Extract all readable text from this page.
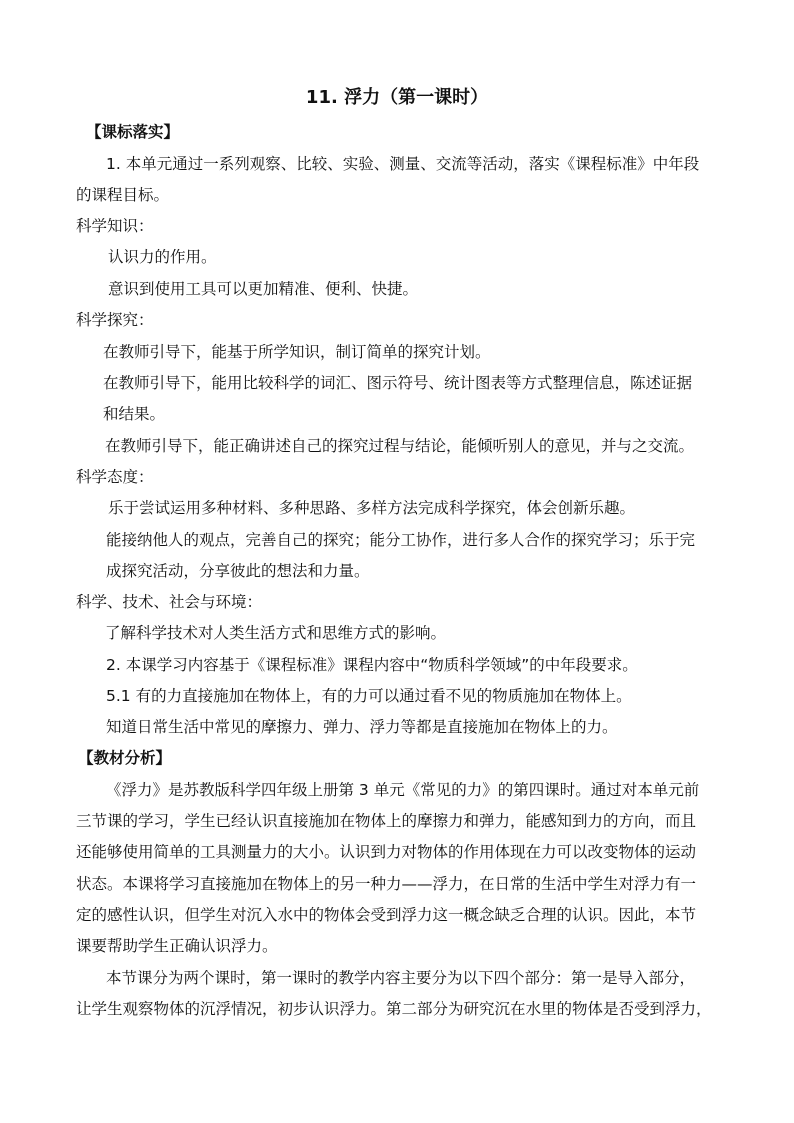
11. 浮力（第一课时）
【课标落实】
1. 本单元通过一系列观察、比较、实验、测量、交流等活动，落实《课程标准》中年段
的课程目标。
科学知识：
认识力的作用。
意识到使用工具可以更加精准、便利、快捷。
科学探究：
在教师引导下，能基于所学知识，制订简单的探究计划。
在教师引导下，能用比较科学的词汇、图示符号、统计图表等方式整理信息，陈述证据
和结果。
在教师引导下，能正确讲述自己的探究过程与结论，能倾听别人的意见，并与之交流。
科学态度：
乐于尝试运用多种材料、多种思路、多样方法完成科学探究，体会创新乐趣。
能接纳他人的观点，完善自己的探究；能分工协作，进行多人合作的探究学习；乐于完
成探究活动，分享彼此的想法和力量。
科学、技术、社会与环境：
了解科学技术对人类生活方式和思维方式的影响。
2. 本课学习内容基于《课程标准》课程内容中“物质科学领域”的中年段要求。
5.1 有的力直接施加在物体上，有的力可以通过看不见的物质施加在物体上。
知道日常生活中常见的摩擦力、弹力、浮力等都是直接施加在物体上的力。
【教材分析】
《浮力》是苏教版科学四年级上册第 3 单元《常见的力》的第四课时。通过对本单元前
三节课的学习，学生已经认识直接施加在物体上的摩擦力和弹力，能感知到力的方向，而且
还能够使用简单的工具测量力的大小。认识到力对物体的作用体现在力可以改变物体的运动
状态。本课将学习直接施加在物体上的另一种力——浮力，在日常的生活中学生对浮力有一
定的感性认识，但学生对沉入水中的物体会受到浮力这一概念缺乏合理的认识。因此，本节
课要帮助学生正确认识浮力。
本节课分为两个课时，第一课时的教学内容主要分为以下四个部分：第一是导入部分，
让学生观察物体的沉浮情况，初步认识浮力。第二部分为研究沉在水里的物体是否受到浮力，
